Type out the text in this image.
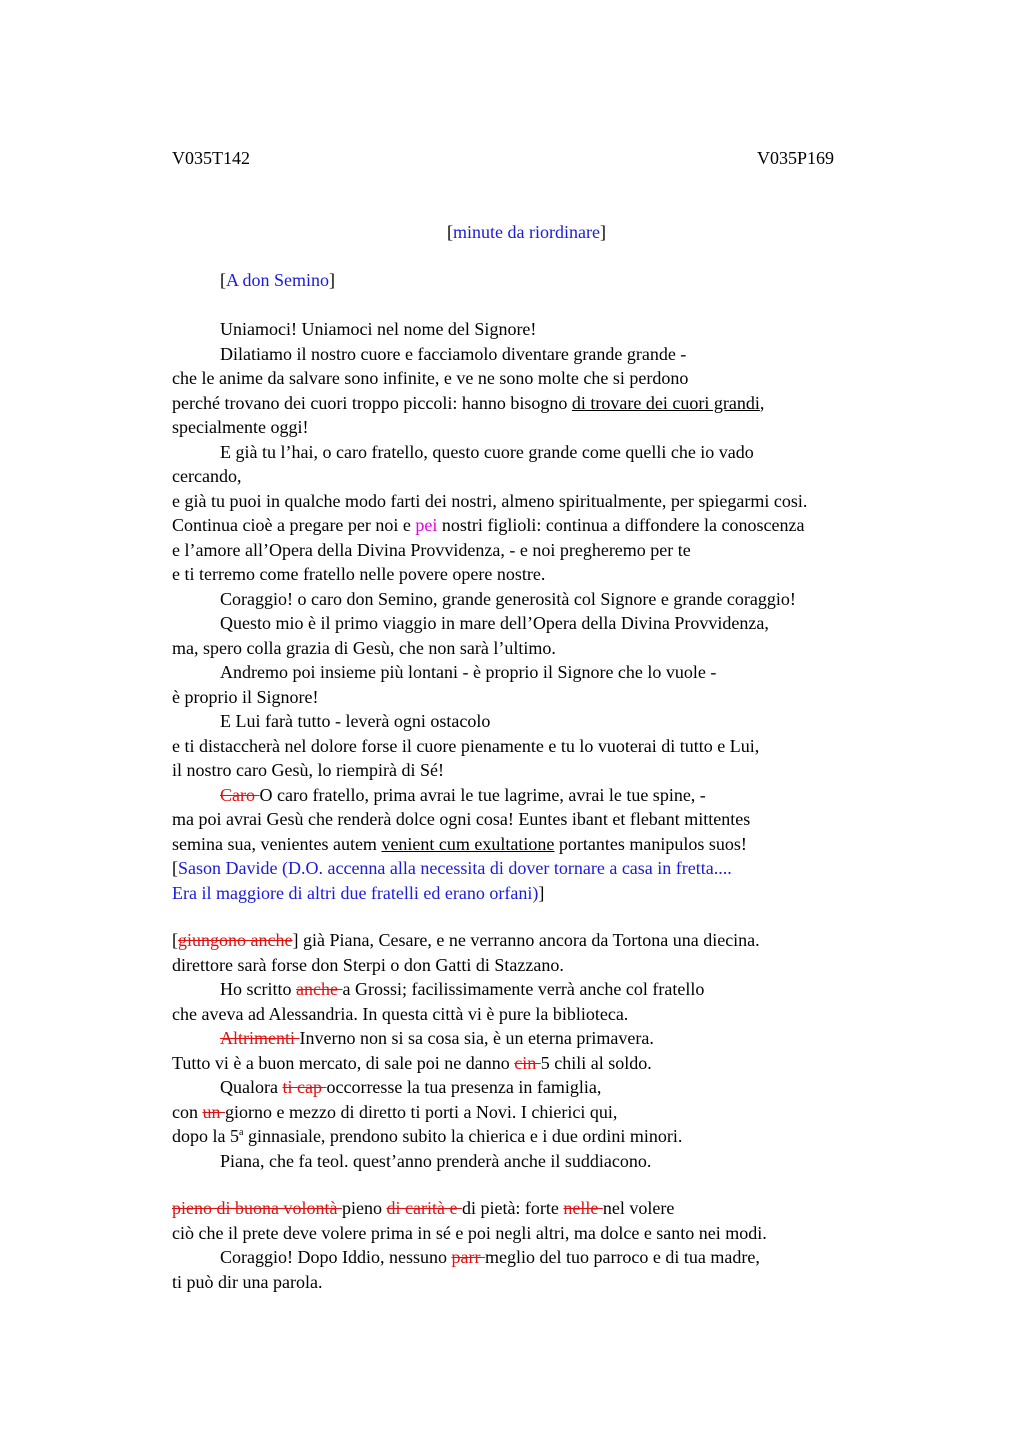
V035T142	V035P169
[minute da riordinare]
[A don Semino]
Uniamoci! Uniamoci nel nome del Signore!
Dilatiamo il nostro cuore e facciamolo diventare grande grande -
che le anime da salvare sono infinite, e ve ne sono molte che si perdono
perché trovano dei cuori troppo piccoli: hanno bisogno di trovare dei cuori grandi,
specialmente oggi!
E già tu l’hai, o caro fratello, questo cuore grande come quelli che io vado
cercando,
e già tu puoi in qualche modo farti dei nostri, almeno spiritualmente, per spiegarmi cosi.
Continua cioè a pregare per noi e pei nostri figlioli: continua a diffondere la conoscenza
e l’amore all’Opera della Divina Provvidenza, - e noi pregheremo per te
e ti terremo come fratello nelle povere opere nostre.
Coraggio! o caro don Semino, grande generosità col Signore e grande coraggio!
Questo mio è il primo viaggio in mare dell’Opera della Divina Provvidenza,
ma, spero colla grazia di Gesù, che non sarà l’ultimo.
Andremo poi insieme più lontani - è proprio il Signore che lo vuole -
è proprio il Signore!
E Lui farà tutto - leverà ogni ostacolo
e ti distaccherà nel dolore forse il cuore pienamente e tu lo vuoterai di tutto e Lui,
il nostro caro Gesù, lo riempirà di Sé!
Caro O caro fratello, prima avrai le tue lagrime, avrai le tue spine, -
ma poi avrai Gesù che renderà dolce ogni cosa! Euntes ibant et flebant mittentes
semina sua, venientes autem venient cum exultatione portantes manipulos suos!
[Sason Davide (D.O. accenna alla necessita di dover tornare a casa in fretta....
Era il maggiore di altri due fratelli ed erano orfani)]
[giungono anche] già Piana, Cesare, e ne verranno ancora da Tortona una diecina.
direttore sarà forse don Sterpi o don Gatti di Stazzano.
Ho scritto anche a Grossi; facilissimamente verrà anche col fratello
che aveva ad Alessandria. In questa città vi è pure la biblioteca.
Altrimenti Inverno non si sa cosa sia, è un eterna primavera.
Tutto vi è a buon mercato, di sale poi ne danno cin 5 chili al soldo.
Qualora ti cap occorresse la tua presenza in famiglia,
con un giorno e mezzo di diretto ti porti a Novi. I chierici qui,
dopo la 5$^a$ ginnasiale, prendono subito la chierica e i due ordini minori.
Piana, che fa teol. quest’anno prenderà anche il suddiacono.
pieno di buona volontà pieno di carità e di pietà: forte nelle nel volere
ciò che il prete deve volere prima in sé e poi negli altri, ma dolce e santo nei modi.
Coraggio! Dopo Iddio, nessuno parr meglio del tuo parroco e di tua madre,
ti può dir una parola.
